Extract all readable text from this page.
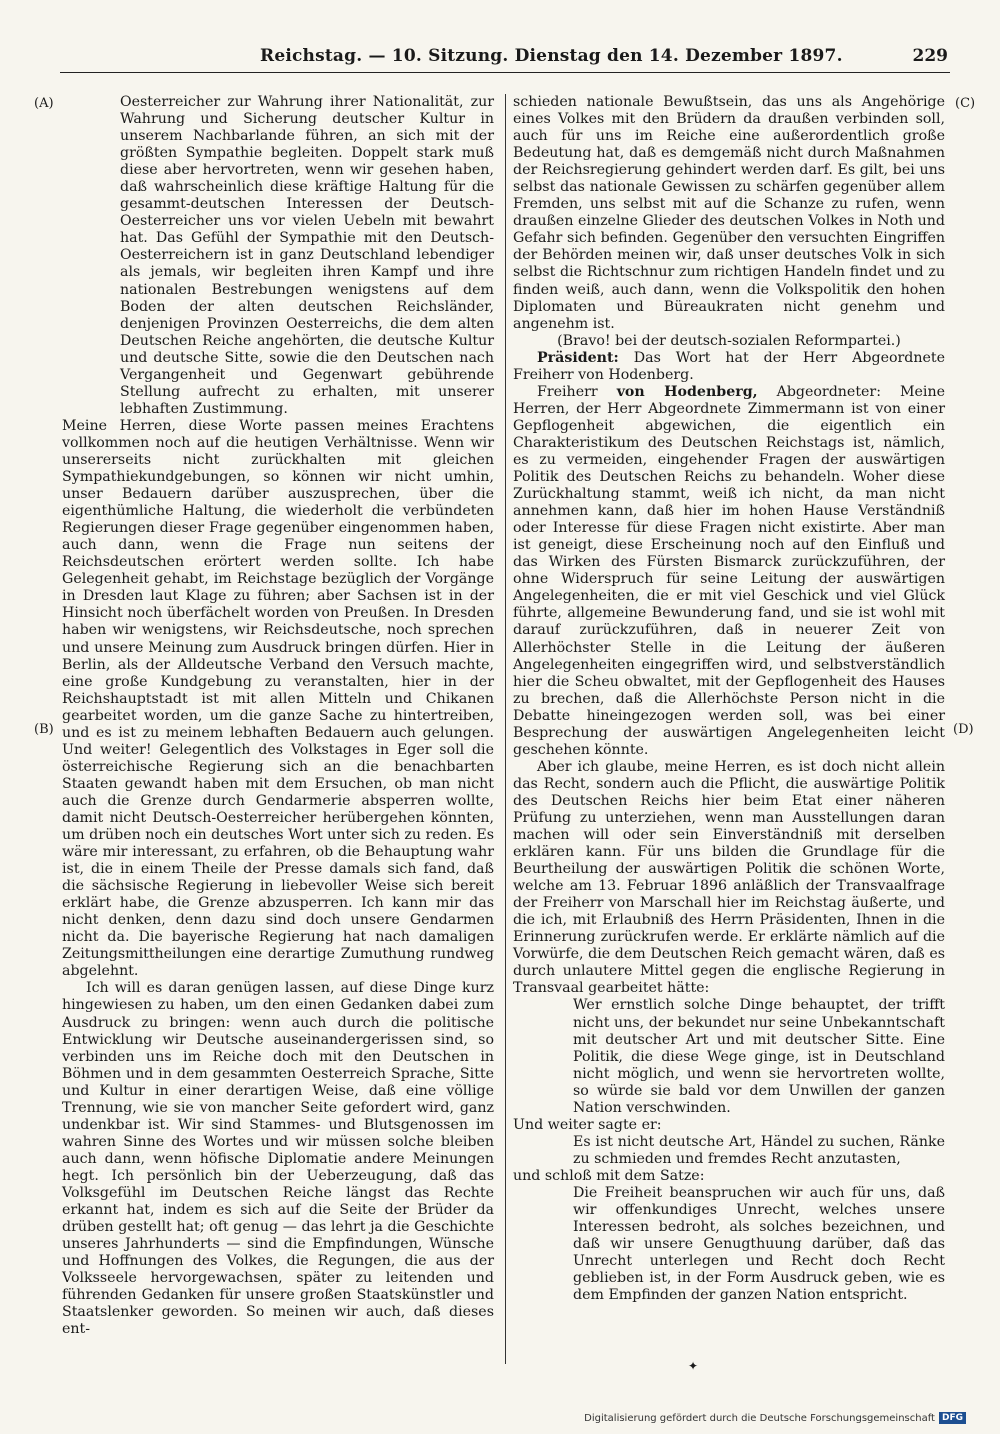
Reichstag. — 10. Sitzung. Dienstag den 14. Dezember 1897.	229
(A)
(B)
(C)
(D)

Oesterreicher zur Wahrung ihrer Nationalität, zur Wahrung und Sicherung deutscher Kultur in unserem Nachbarlande führen, an sich mit der größten Sympathie begleiten. Doppelt stark muß diese aber hervortreten, wenn wir gesehen haben, daß wahrscheinlich diese kräftige Haltung für die gesammt-deutschen Interessen der Deutsch-Oesterreicher uns vor vielen Uebeln mit bewahrt hat. Das Gefühl der Sympathie mit den Deutsch-Oesterreichern ist in ganz Deutschland lebendiger als jemals, wir begleiten ihren Kampf und ihre nationalen Bestrebungen wenigstens auf dem Boden der alten deutschen Reichsländer, denjenigen Provinzen Oesterreichs, die dem alten Deutschen Reiche angehörten, die deutsche Kultur und deutsche Sitte, sowie die den Deutschen nach Vergangenheit und Gegenwart gebührende Stellung aufrecht zu erhalten, mit unserer lebhaften Zustimmung.

Meine Herren, diese Worte passen meines Erachtens vollkommen noch auf die heutigen Verhältnisse. Wenn wir unsererseits nicht zurückhalten mit gleichen Sympathiekundgebungen, so können wir nicht umhin, unser Bedauern darüber auszusprechen, über die eigenthümliche Haltung, die wiederholt die verbündeten Regierungen dieser Frage gegenüber eingenommen haben, auch dann, wenn die Frage nun seitens der Reichsdeutschen erörtert werden sollte. Ich habe Gelegenheit gehabt, im Reichstage bezüglich der Vorgänge in Dresden laut Klage zu führen; aber Sachsen ist in der Hinsicht noch überfächelt worden von Preußen. In Dresden haben wir wenigstens, wir Reichsdeutsche, noch sprechen und unsere Meinung zum Ausdruck bringen dürfen. Hier in Berlin, als der Alldeutsche Verband den Versuch machte, eine große Kundgebung zu veranstalten, hier in der Reichshauptstadt ist mit allen Mitteln und Chikanen gearbeitet worden, um die ganze Sache zu hintertreiben, und es ist zu meinem lebhaften Bedauern auch gelungen. Und weiter! Gelegentlich des Volkstages in Eger soll die österreichische Regierung sich an die benachbarten Staaten gewandt haben mit dem Ersuchen, ob man nicht auch die Grenze durch Gendarmerie absperren wollte, damit nicht Deutsch-Oesterreicher herübergehen könnten, um drüben noch ein deutsches Wort unter sich zu reden. Es wäre mir interessant, zu erfahren, ob die Behauptung wahr ist, die in einem Theile der Presse damals sich fand, daß die sächsische Regierung in liebevoller Weise sich bereit erklärt habe, die Grenze abzusperren. Ich kann mir das nicht denken, denn dazu sind doch unsere Gendarmen nicht da. Die bayerische Regierung hat nach damaligen Zeitungsmittheilungen eine derartige Zumuthung rundweg abgelehnt.

Ich will es daran genügen lassen, auf diese Dinge kurz hingewiesen zu haben, um den einen Gedanken dabei zum Ausdruck zu bringen: wenn auch durch die politische Entwicklung wir Deutsche auseinandergerissen sind, so verbinden uns im Reiche doch mit den Deutschen in Böhmen und in dem gesammten Oesterreich Sprache, Sitte und Kultur in einer derartigen Weise, daß eine völlige Trennung, wie sie von mancher Seite gefordert wird, ganz undenkbar ist. Wir sind Stammes- und Blutsgenossen im wahren Sinne des Wortes und wir müssen solche bleiben auch dann, wenn höfische Diplomatie andere Meinungen hegt. Ich persönlich bin der Ueberzeugung, daß das Volksgefühl im Deutschen Reiche längst das Rechte erkannt hat, indem es sich auf die Seite der Brüder da drüben gestellt hat; oft genug — das lehrt ja die Geschichte unseres Jahrhunderts — sind die Empfindungen, Wünsche und Hoffnungen des Volkes, die Regungen, die aus der Volksseele hervorgewachsen, später zu leitenden und führenden Gedanken für unsere großen Staatskünstler und Staatslenker geworden. So meinen wir auch, daß dieses ent-

schieden nationale Bewußtsein, das uns als Angehörige eines Volkes mit den Brüdern da draußen verbinden soll, auch für uns im Reiche eine außerordentlich große Bedeutung hat, daß es demgemäß nicht durch Maßnahmen der Reichsregierung gehindert werden darf. Es gilt, bei uns selbst das nationale Gewissen zu schärfen gegenüber allem Fremden, uns selbst mit auf die Schanze zu rufen, wenn draußen einzelne Glieder des deutschen Volkes in Noth und Gefahr sich befinden. Gegenüber den versuchten Eingriffen der Behörden meinen wir, daß unser deutsches Volk in sich selbst die Richtschnur zum richtigen Handeln findet und zu finden weiß, auch dann, wenn die Volkspolitik den hohen Diplomaten und Büreaukraten nicht genehm und angenehm ist.

(Bravo! bei der deutsch-sozialen Reformpartei.)

Präsident: Das Wort hat der Herr Abgeordnete Freiherr von Hodenberg.

Freiherr von Hodenberg, Abgeordneter: Meine Herren, der Herr Abgeordnete Zimmermann ist von einer Gepflogenheit abgewichen, die eigentlich ein Charakteristikum des Deutschen Reichstags ist, nämlich, es zu vermeiden, eingehender Fragen der auswärtigen Politik des Deutschen Reichs zu behandeln. Woher diese Zurückhaltung stammt, weiß ich nicht, da man nicht annehmen kann, daß hier im hohen Hause Verständniß oder Interesse für diese Fragen nicht existirte. Aber man ist geneigt, diese Erscheinung noch auf den Einfluß und das Wirken des Fürsten Bismarck zurückzuführen, der ohne Widerspruch für seine Leitung der auswärtigen Angelegenheiten, die er mit viel Geschick und viel Glück führte, allgemeine Bewunderung fand, und sie ist wohl mit darauf zurückzuführen, daß in neuerer Zeit von Allerhöchster Stelle in die Leitung der äußeren Angelegenheiten eingegriffen wird, und selbstverständlich hier die Scheu obwaltet, mit der Gepflogenheit des Hauses zu brechen, daß die Allerhöchste Person nicht in die Debatte hineingezogen werden soll, was bei einer Besprechung der auswärtigen Angelegenheiten leicht geschehen könnte.

Aber ich glaube, meine Herren, es ist doch nicht allein das Recht, sondern auch die Pflicht, die auswärtige Politik des Deutschen Reichs hier beim Etat einer näheren Prüfung zu unterziehen, wenn man Ausstellungen daran machen will oder sein Einverständniß mit derselben erklären kann. Für uns bilden die Grundlage für die Beurtheilung der auswärtigen Politik die schönen Worte, welche am 13. Februar 1896 anläßlich der Transvaalfrage der Freiherr von Marschall hier im Reichstag äußerte, und die ich, mit Erlaubniß des Herrn Präsidenten, Ihnen in die Erinnerung zurückrufen werde. Er erklärte nämlich auf die Vorwürfe, die dem Deutschen Reich gemacht wären, daß es durch unlautere Mittel gegen die englische Regierung in Transvaal gearbeitet hätte:

Wer ernstlich solche Dinge behauptet, der trifft nicht uns, der bekundet nur seine Unbekanntschaft mit deutscher Art und mit deutscher Sitte. Eine Politik, die diese Wege ginge, ist in Deutschland nicht möglich, und wenn sie hervortreten wollte, so würde sie bald vor dem Unwillen der ganzen Nation verschwinden.

Und weiter sagte er:

Es ist nicht deutsche Art, Händel zu suchen, Ränke zu schmieden und fremdes Recht anzutasten,

und schloß mit dem Satze:

Die Freiheit beanspruchen wir auch für uns, daß wir offenkundiges Unrecht, welches unsere Interessen bedroht, als solches bezeichnen, und daß wir unsere Genugthuung darüber, daß das Unrecht unterlegen und Recht doch Recht geblieben ist, in der Form Ausdruck geben, wie es dem Empfinden der ganzen Nation entspricht.

✦
Digitalisierung gefördert durch die Deutsche Forschungsgemeinschaft DFG
